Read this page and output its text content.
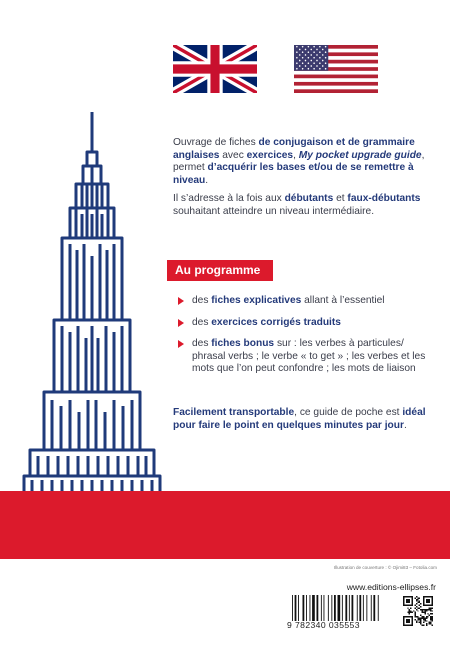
Ouvrage de fiches de conjugaison et de grammaire anglaises avec exercices, My pocket upgrade guide, permet d’acquérir les bases et/ou de se remettre à niveau.

Il s’adresse à la fois aux débutants et faux-débutants souhaitant atteindre un niveau intermédiaire.

Au programme
des fiches explicatives allant à l’essentiel
des exercices corrigés traduits
des fiches bonus sur : les verbes à particules/ phrasal verbs ; le verbe « to get » ; les verbes et les mots que l’on peut confondre ; les mots de liaison
Facilement transportable, ce guide de poche est idéal pour faire le point en quelques minutes par jour.
Illustration de couverture : © Ojimi83 – Fotolia.com
www.editions-ellipses.fr
9 782340 035553
